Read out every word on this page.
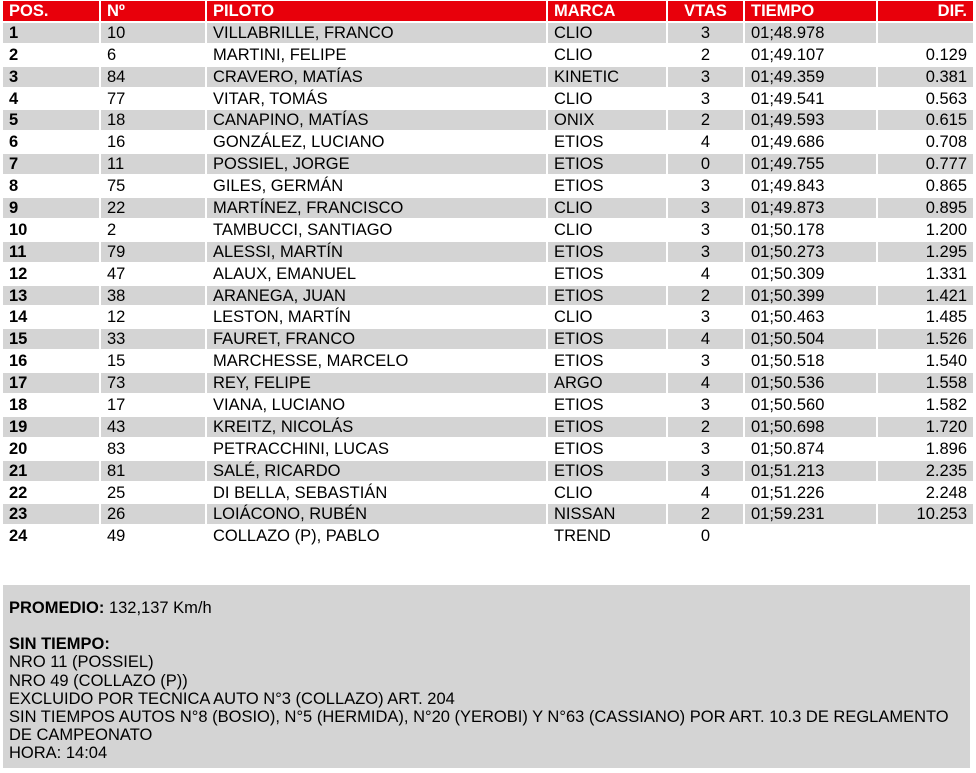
POS.	Nº	PILOTO	MARCA	VTAS	TIEMPO	DIF.
1	10	VILLABRILLE, FRANCO	CLIO	3	01;48.978
2	6	MARTINI, FELIPE	CLIO	2	01;49.107	0.129
3	84	CRAVERO, MATÍAS	KINETIC	3	01;49.359	0.381
4	77	VITAR, TOMÁS	CLIO	3	01;49.541	0.563
5	18	CANAPINO, MATÍAS	ONIX	2	01;49.593	0.615
6	16	GONZÁLEZ, LUCIANO	ETIOS	4	01;49.686	0.708
7	11	POSSIEL, JORGE	ETIOS	0	01;49.755	0.777
8	75	GILES, GERMÁN	ETIOS	3	01;49.843	0.865
9	22	MARTÍNEZ, FRANCISCO	CLIO	3	01;49.873	0.895
10	2	TAMBUCCI, SANTIAGO	CLIO	3	01;50.178	1.200
11	79	ALESSI, MARTÍN	ETIOS	3	01;50.273	1.295
12	47	ALAUX, EMANUEL	ETIOS	4	01;50.309	1.331
13	38	ARANEGA, JUAN	ETIOS	2	01;50.399	1.421
14	12	LESTON, MARTÍN	CLIO	3	01;50.463	1.485
15	33	FAURET, FRANCO	ETIOS	4	01;50.504	1.526
16	15	MARCHESSE, MARCELO	ETIOS	3	01;50.518	1.540
17	73	REY, FELIPE	ARGO	4	01;50.536	1.558
18	17	VIANA, LUCIANO	ETIOS	3	01;50.560	1.582
19	43	KREITZ, NICOLÁS	ETIOS	2	01;50.698	1.720
20	83	PETRACCHINI, LUCAS	ETIOS	3	01;50.874	1.896
21	81	SALÉ, RICARDO	ETIOS	3	01;51.213	2.235
22	25	DI BELLA, SEBASTIÁN	CLIO	4	01;51.226	2.248
23	26	LOIÁCONO, RUBÉN	NISSAN	2	01;59.231	10.253
24	49	COLLAZO (P), PABLO	TREND	0
PROMEDIO: 132,137 Km/h
SIN TIEMPO:
NRO 11 (POSSIEL)
NRO 49 (COLLAZO (P))
EXCLUIDO POR TECNICA AUTO N°3 (COLLAZO) ART. 204
SIN TIEMPOS AUTOS N°8 (BOSIO), N°5 (HERMIDA), N°20 (YEROBI) Y N°63 (CASSIANO) POR ART. 10.3 DE REGLAMENTO
DE CAMPEONATO
HORA: 14:04
